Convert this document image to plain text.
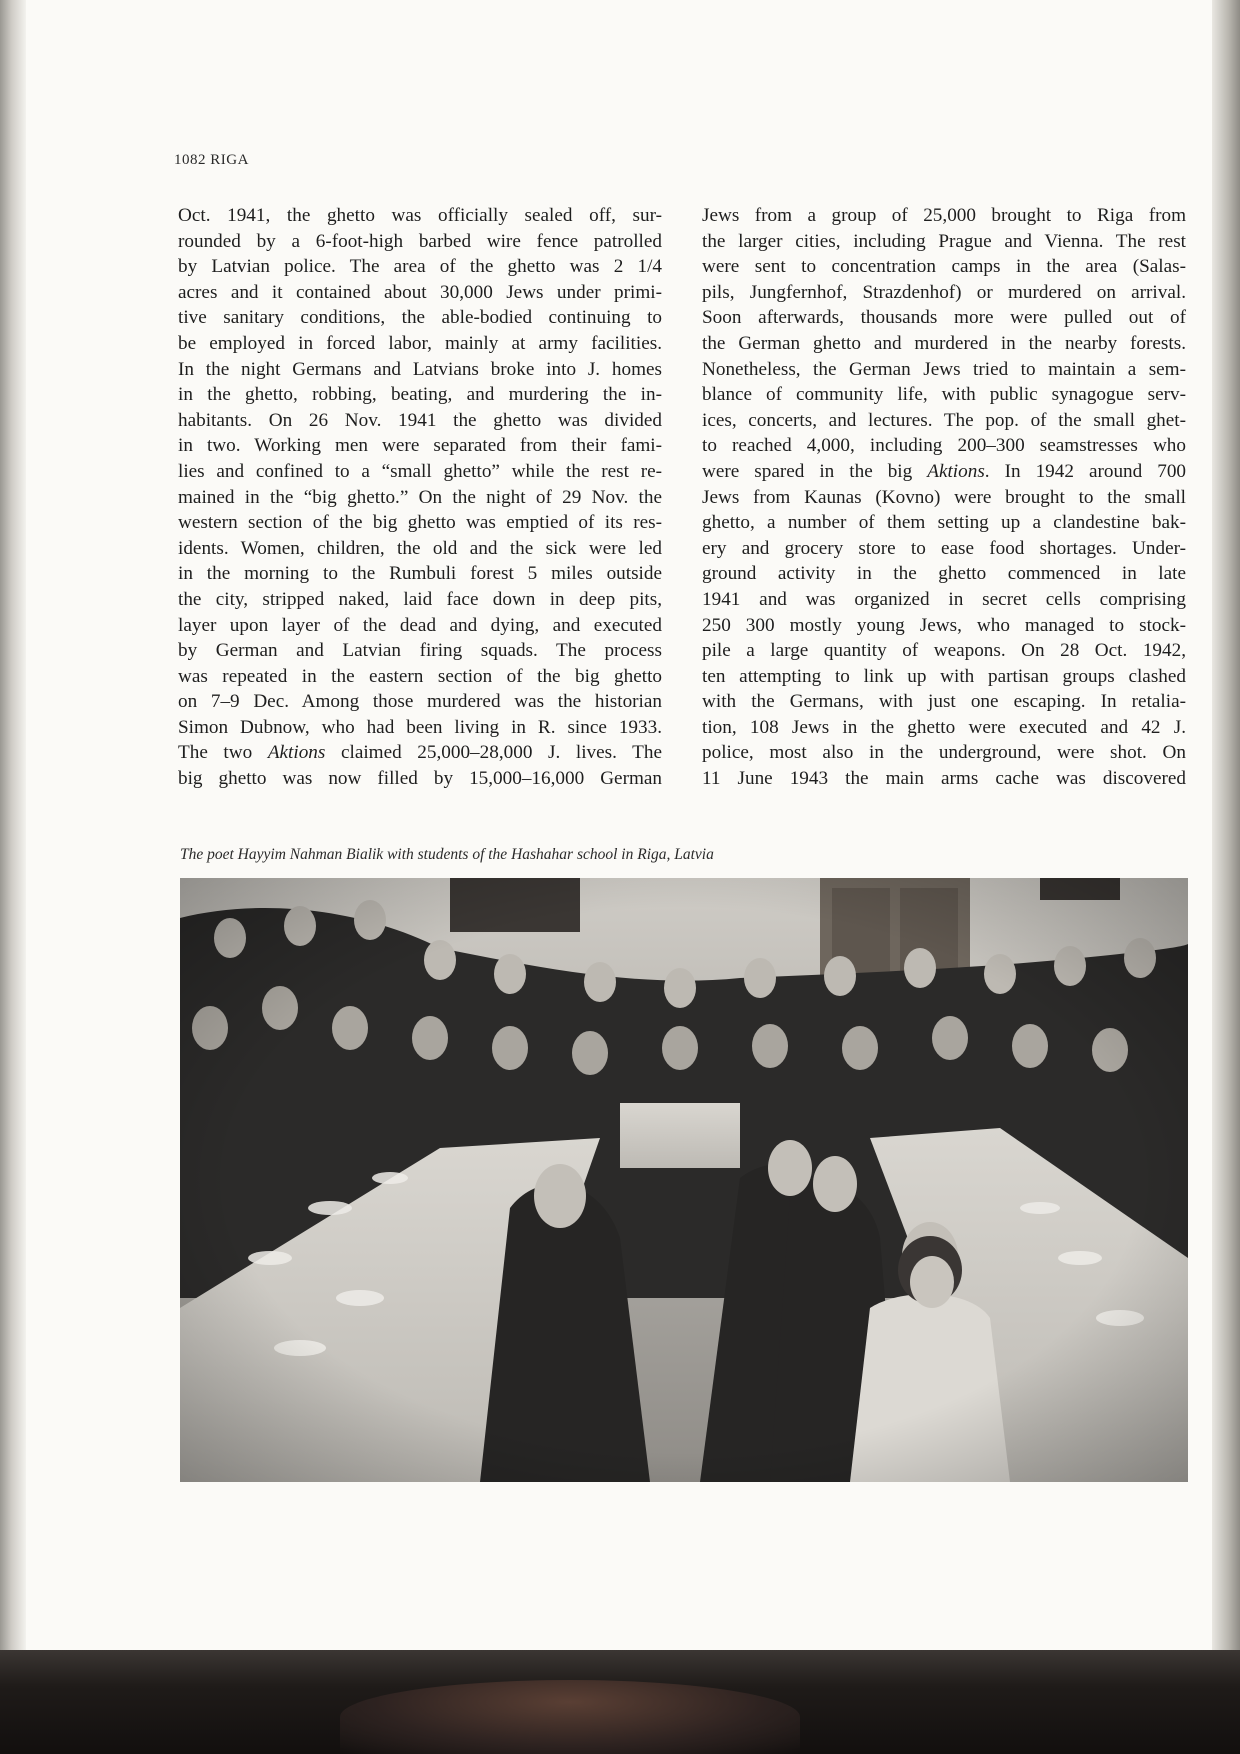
1082 RIGA
Oct. 1941, the ghetto was officially sealed off, sur-
rounded by a 6-foot-high barbed wire fence patrolled
by Latvian police. The area of the ghetto was 2 1/4
acres and it contained about 30,000 Jews under primi-
tive sanitary conditions, the able-bodied continuing to
be employed in forced labor, mainly at army facilities.
In the night Germans and Latvians broke into J. homes
in the ghetto, robbing, beating, and murdering the in-
habitants. On 26 Nov. 1941 the ghetto was divided
in two. Working men were separated from their fami-
lies and confined to a “small ghetto” while the rest re-
mained in the “big ghetto.” On the night of 29 Nov. the
western section of the big ghetto was emptied of its res-
idents. Women, children, the old and the sick were led
in the morning to the Rumbuli forest 5 miles outside
the city, stripped naked, laid face down in deep pits,
layer upon layer of the dead and dying, and executed
by German and Latvian firing squads. The process
was repeated in the eastern section of the big ghetto
on 7–9 Dec. Among those murdered was the historian
Simon Dubnow, who had been living in R. since 1933.
The two Aktions claimed 25,000–28,000 J. lives. The
big ghetto was now filled by 15,000–16,000 German
Jews from a group of 25,000 brought to Riga from
the larger cities, including Prague and Vienna. The rest
were sent to concentration camps in the area (Salas-
pils, Jungfernhof, Strazdenhof) or murdered on arrival.
Soon afterwards, thousands more were pulled out of
the German ghetto and murdered in the nearby forests.
Nonetheless, the German Jews tried to maintain a sem-
blance of community life, with public synagogue serv-
ices, concerts, and lectures. The pop. of the small ghet-
to reached 4,000, including 200–300 seamstresses who
were spared in the big Aktions. In 1942 around 700
Jews from Kaunas (Kovno) were brought to the small
ghetto, a number of them setting up a clandestine bak-
ery and grocery store to ease food shortages. Under-
ground activity in the ghetto commenced in late
1941 and was organized in secret cells comprising
250 300 mostly young Jews, who managed to stock-
pile a large quantity of weapons. On 28 Oct. 1942,
ten attempting to link up with partisan groups clashed
with the Germans, with just one escaping. In retalia-
tion, 108 Jews in the ghetto were executed and 42 J.
police, most also in the underground, were shot. On
11 June 1943 the main arms cache was discovered
The poet Hayyim Nahman Bialik with students of the Hashahar school in Riga, Latvia
